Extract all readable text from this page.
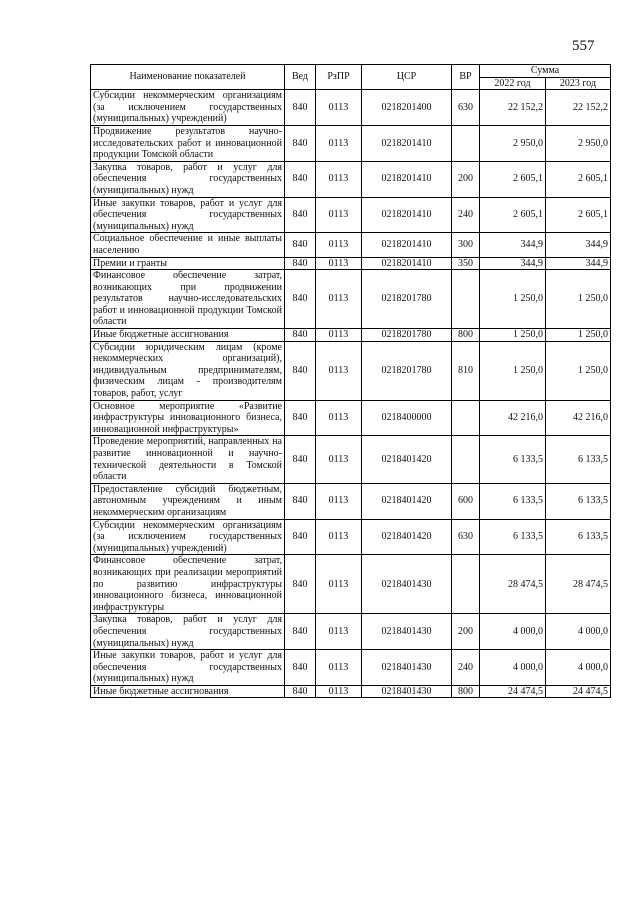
557
Наименование показателей	Вед	РзПР	ЦСР	ВР	Сумма	
					2022 год	2023 год
Субсидии некоммерческим организациям (за исключением государственных (муниципальных) учреждений)	840	0113	0218201400	630	22 152,2	22 152,2
Продвижение результатов научно-исследовательских работ и инновационной продукции Томской области	840	0113	0218201410		2 950,0	2 950,0
Закупка товаров, работ и услуг для обеспечения государственных (муниципальных) нужд	840	0113	0218201410	200	2 605,1	2 605,1
Иные закупки товаров, работ и услуг для обеспечения государственных (муниципальных) нужд	840	0113	0218201410	240	2 605,1	2 605,1
Социальное обеспечение и иные выплаты населению	840	0113	0218201410	300	344,9	344,9
Премии и гранты	840	0113	0218201410	350	344,9	344,9
Финансовое обеспечение затрат, возникающих при продвижении результатов научно-исследовательских работ и инновационной продукции Томской области	840	0113	0218201780		1 250,0	1 250,0
Иные бюджетные ассигнования	840	0113	0218201780	800	1 250,0	1 250,0
Субсидии юридическим лицам (кроме некоммерческих организаций), индивидуальным предпринимателям, физическим лицам - производителям товаров, работ, услуг	840	0113	0218201780	810	1 250,0	1 250,0
Основное мероприятие «Развитие инфраструктуры инновационного бизнеса, инновационной инфраструктуры»	840	0113	0218400000		42 216,0	42 216,0
Проведение мероприятий, направленных на развитие инновационной и научно-технической деятельности в Томской области	840	0113	0218401420		6 133,5	6 133,5
Предоставление субсидий бюджетным, автономным учреждениям и иным некоммерческим организациям	840	0113	0218401420	600	6 133,5	6 133,5
Субсидии некоммерческим организациям (за исключением государственных (муниципальных) учреждений)	840	0113	0218401420	630	6 133,5	6 133,5
Финансовое обеспечение затрат, возникающих при реализации мероприятий по развитию инфраструктуры инновационного бизнеса, инновационной инфраструктуры	840	0113	0218401430		28 474,5	28 474,5
Закупка товаров, работ и услуг для обеспечения государственных (муниципальных) нужд	840	0113	0218401430	200	4 000,0	4 000,0
Иные закупки товаров, работ и услуг для обеспечения государственных (муниципальных) нужд	840	0113	0218401430	240	4 000,0	4 000,0
Иные бюджетные ассигнования	840	0113	0218401430	800	24 474,5	24 474,5
